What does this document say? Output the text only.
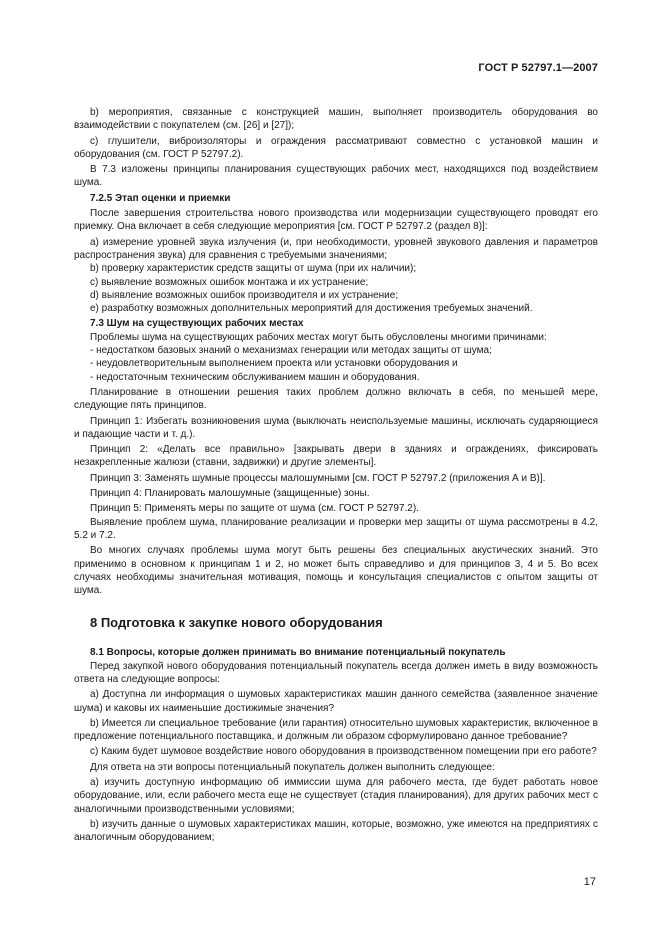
ГОСТ Р 52797.1—2007

b) мероприятия, связанные с конструкцией машин, выполняет производитель оборудования во взаимодействии с покупателем (см. [26] и [27]);

c) глушители, виброизоляторы и ограждения рассматривают совместно с установкой машин и оборудования (см. ГОСТ Р 52797.2).

В 7.3 изложены принципы планирования существующих рабочих мест, находящихся под воздействием шума.

7.2.5 Этап оценки и приемки

После завершения строительства нового производства или модернизации существующего проводят его приемку. Она включает в себя следующие мероприятия [см. ГОСТ Р 52797.2 (раздел 8)]:

а) измерение уровней звука излучения (и, при необходимости, уровней звукового давления и параметров распространения звука) для сравнения с требуемыми значениями;

b) проверку характеристик средств защиты от шума (при их наличии);

с) выявление возможных ошибок монтажа и их устранение;

d) выявление возможных ошибок производителя и их устранение;

е) разработку возможных дополнительных мероприятий для достижения требуемых значений.

7.3 Шум на существующих рабочих местах

Проблемы шума на существующих рабочих местах могут быть обусловлены многими причинами:

- недостатком базовых знаний о механизмах генерации или методах защиты от шума;

- неудовлетворительным выполнением проекта или установки оборудования и

- недостаточным техническим обслуживанием машин и оборудования.

Планирование в отношении решения таких проблем должно включать в себя, по меньшей мере, следующие пять принципов.

Принцип 1: Избегать возникновения шума (выключать неиспользуемые машины, исключать сударяющиеся и падающие части и т. д.).

Принцип 2: «Делать все правильно» [закрывать двери в зданиях и ограждениях, фиксировать незакрепленные жалюзи (ставни, задвижки) и другие элементы].

Принцип 3: Заменять шумные процессы малошумными [см. ГОСТ Р 52797.2 (приложения А и В)].

Принцип 4: Планировать малошумные (защищенные) зоны.

Принцип 5: Применять меры по защите от шума (см. ГОСТ Р 52797.2).

Выявление проблем шума, планирование реализации и проверки мер защиты от шума рассмотрены в 4.2, 5.2 и 7.2.

Во многих случаях проблемы шума могут быть решены без специальных акустических знаний. Это применимо в основном к принципам 1 и 2, но может быть справедливо и для принципов 3, 4 и 5. Во всех случаях необходимы значительная мотивация, помощь и консультация специалистов с опытом защиты от шума.

8 Подготовка к закупке нового оборудования

8.1 Вопросы, которые должен принимать во внимание потенциальный покупатель

Перед закупкой нового оборудования потенциальный покупатель всегда должен иметь в виду возможность ответа на следующие вопросы:

a) Доступна ли информация о шумовых характеристиках машин данного семейства (заявленное значение шума) и каковы их наименьшие достижимые значения?

b) Имеется ли специальное требование (или гарантия) относительно шумовых характеристик, включенное в предложение потенциального поставщика, и должным ли образом сформулировано данное требование?

c) Каким будет шумовое воздействие нового оборудования в производственном помещении при его работе?

Для ответа на эти вопросы потенциальный покупатель должен выполнить следующее:

а) изучить доступную информацию об иммиссии шума для рабочего места, где будет работать новое оборудование, или, если рабочего места еще не существует (стадия планирования), для других рабочих мест с аналогичными производственными условиями;

b) изучить данные о шумовых характеристиках машин, которые, возможно, уже имеются на предприятиях с аналогичным оборудованием;

17
